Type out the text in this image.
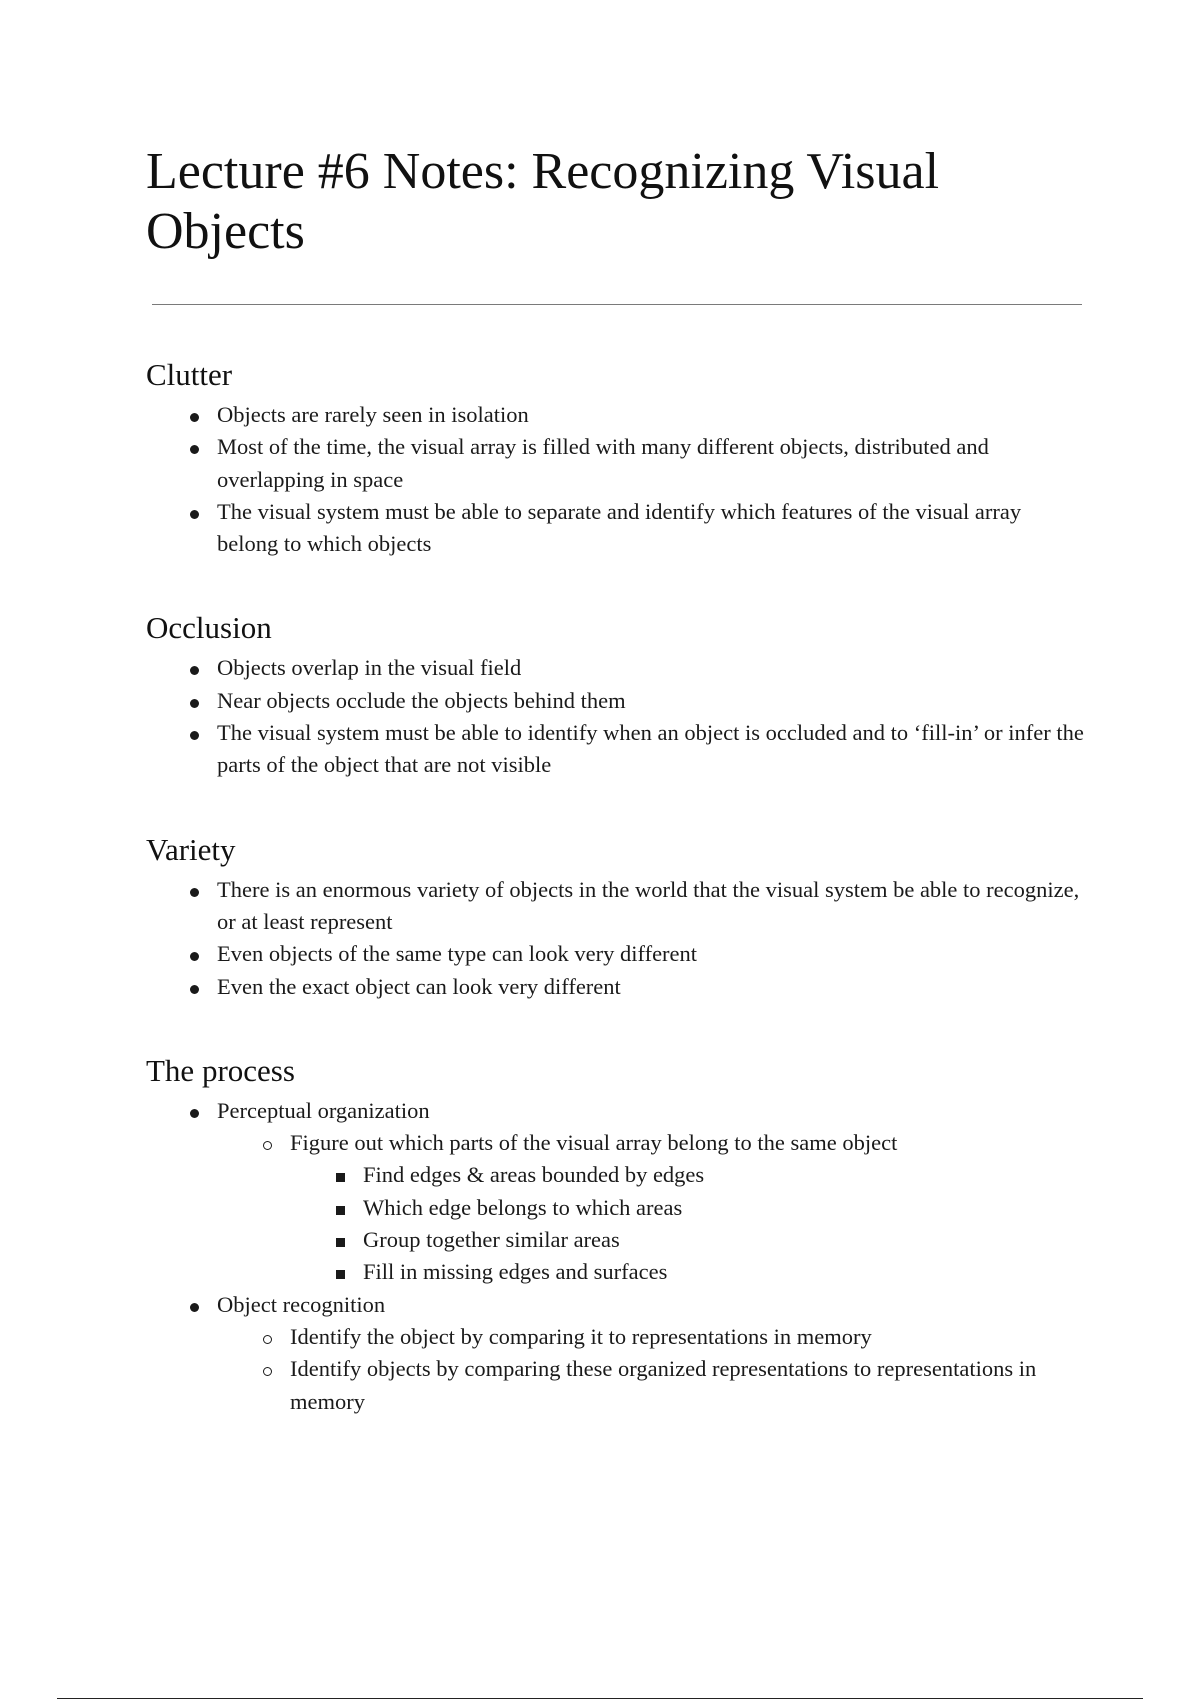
Lecture #6 Notes: Recognizing Visual Objects
Clutter
Objects are rarely seen in isolation
Most of the time, the visual array is filled with many different objects, distributed and overlapping in space
The visual system must be able to separate and identify which features of the visual array belong to which objects
Occlusion
Objects overlap in the visual field
Near objects occlude the objects behind them
The visual system must be able to identify when an object is occluded and to ‘fill-in’ or infer the parts of the object that are not visible
Variety
There is an enormous variety of objects in the world that the visual system be able to recognize, or at least represent
Even objects of the same type can look very different
Even the exact object can look very different
The process
Perceptual organization
Figure out which parts of the visual array belong to the same object
Find edges & areas bounded by edges
Which edge belongs to which areas
Group together similar areas
Fill in missing edges and surfaces
Object recognition
Identify the object by comparing it to representations in memory
Identify objects by comparing these organized representations to representations in memory
